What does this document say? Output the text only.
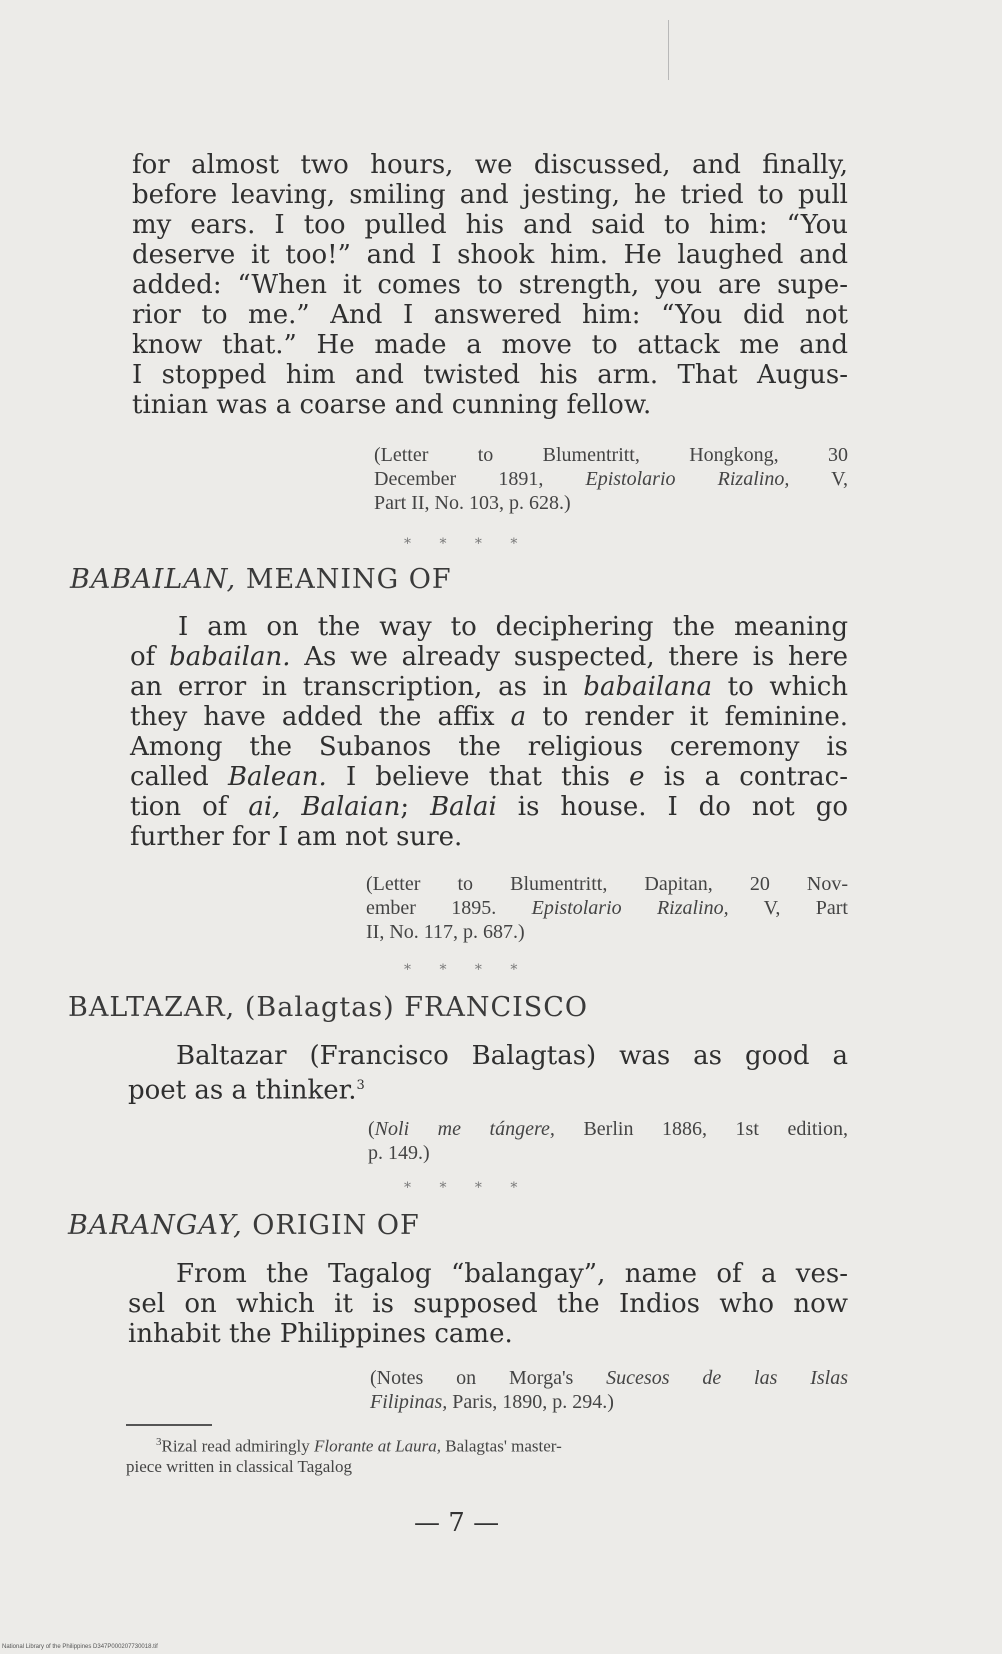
for almost two hours, we discussed, and finally,
before leaving, smiling and jesting, he tried to pull
my ears. I too pulled his and said to him: “You
deserve it too!” and I shook him. He laughed and
added: “When it comes to strength, you are supe-
rior to me.” And I answered him: “You did not
know that.” He made a move to attack me and
I stopped him and twisted his arm. That Augus-
tinian was a coarse and cunning fellow.
(Letter to Blumentritt, Hongkong, 30
December 1891, Epistolario Rizalino, V,
Part II, No. 103, p. 628.)
* * * *
BABAILAN, MEANING OF
I am on the way to deciphering the meaning
of babailan. As we already suspected, there is here
an error in transcription, as in babailana to which
they have added the affix a to render it feminine.
Among the Subanos the religious ceremony is
called Balean. I believe that this e is a contrac-
tion of ai, Balaian; Balai is house. I do not go
further for I am not sure.
(Letter to Blumentritt, Dapitan, 20 Nov-
ember 1895. Epistolario Rizalino, V, Part
II, No. 117, p. 687.)
* * * *
BALTAZAR, (Balagtas) FRANCISCO
Baltazar (Francisco Balagtas) was as good a
poet as a thinker.$^3$
(Noli me tángere, Berlin 1886, 1st edition,
p. 149.)
* * * *
BARANGAY, ORIGIN OF
From the Tagalog “balangay”, name of a ves-
sel on which it is supposed the Indios who now
inhabit the Philippines came.
(Notes on Morga's Sucesos de las Islas
Filipinas, Paris, 1890, p. 294.)
$^3$Rizal read admiringly Florante at Laura, Balagtas' master-
piece written in classical Tagalog
— 7 —
National Library of the Philippines D347P000207730018.tif
